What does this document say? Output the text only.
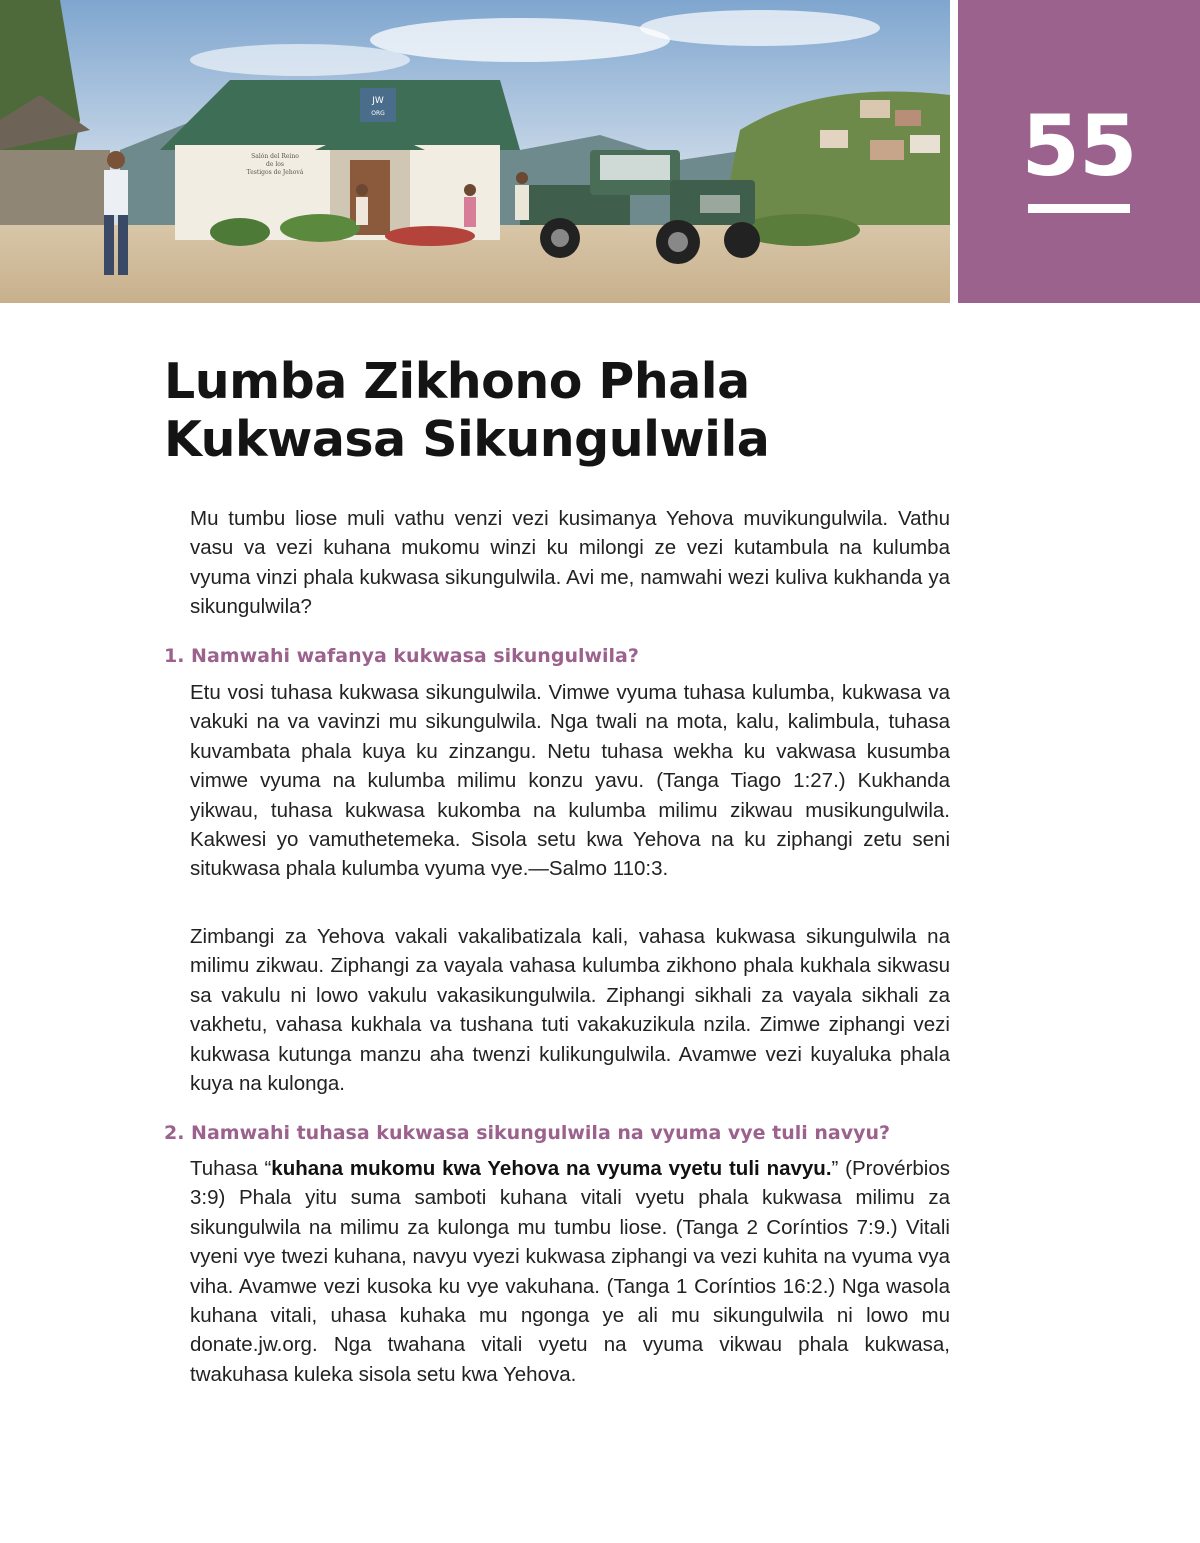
JW
ORG
Salón del Reino
de los
Testigos de Jehová	55
Lumba Zikhono Phala
Kukwasa Sikungulwila

Mu tumbu liose muli vathu venzi vezi kusimanya Yehova muvikungulwila. Vathu vasu va vezi kuhana mukomu winzi ku milongi ze vezi kutambula na kulumba vyuma vinzi phala kukwasa sikungulwila. Avi me, namwahi wezi kuliva kukhanda ya sikungulwila?

1. Namwahi wafanya kukwasa sikungulwila?

Etu vosi tuhasa kukwasa sikungulwila. Vimwe vyuma tuhasa kulumba, kukwasa va vakuki na va vavinzi mu sikungulwila. Nga twali na mota, kalu, kalimbula, tuhasa kuvambata phala kuya ku zinzangu. Netu tuhasa wekha ku vakwasa kusumba vimwe vyuma na kulumba milimu konzu yavu. (Tanga Tiago 1:27.) Kukhanda yikwau, tuhasa kukwasa kukomba na kulumba milimu zikwau musikungulwila. Kakwesi yo vamuthetemeka. Sisola setu kwa Yehova na ku ziphangi zetu seni situkwasa phala kulumba vyuma vye.—Salmo 110:3.

Zimbangi za Yehova vakali vakalibatizala kali, vahasa kukwasa sikungulwila na milimu zikwau. Ziphangi za vayala vahasa kulumba zikhono phala kukhala sikwasu sa vakulu ni lowo vakulu vakasikungulwila. Ziphangi sikhali za vayala sikhali za vakhetu, vahasa kukhala va tushana tuti vakakuzikula nzila. Zimwe ziphangi vezi kukwasa kutunga manzu aha twenzi kulikungulwila. Avamwe vezi kuyaluka phala kuya na kulonga.

2. Namwahi tuhasa kukwasa sikungulwila na vyuma vye tuli navyu?

Tuhasa “kuhana mukomu kwa Yehova na vyuma vyetu tuli navyu.” (Provérbios 3:9) Phala yitu suma samboti kuhana vitali vyetu phala kukwasa milimu za sikungulwila na milimu za kulonga mu tumbu liose. (Tanga 2 Coríntios 7:9.) Vitali vyeni vye twezi kuhana, navyu vyezi kukwasa ziphangi va vezi kuhita na vyuma vya viha. Avamwe vezi kusoka ku vye vakuhana. (Tanga 1 Coríntios 16:2.) Nga wasola kuhana vitali, uhasa kuhaka mu ngonga ye ali mu sikungulwila ni lowo mu donate.jw.org. Nga twahana vitali vyetu na vyuma vikwau phala kukwasa, twakuhasa kuleka sisola setu kwa Yehova.
